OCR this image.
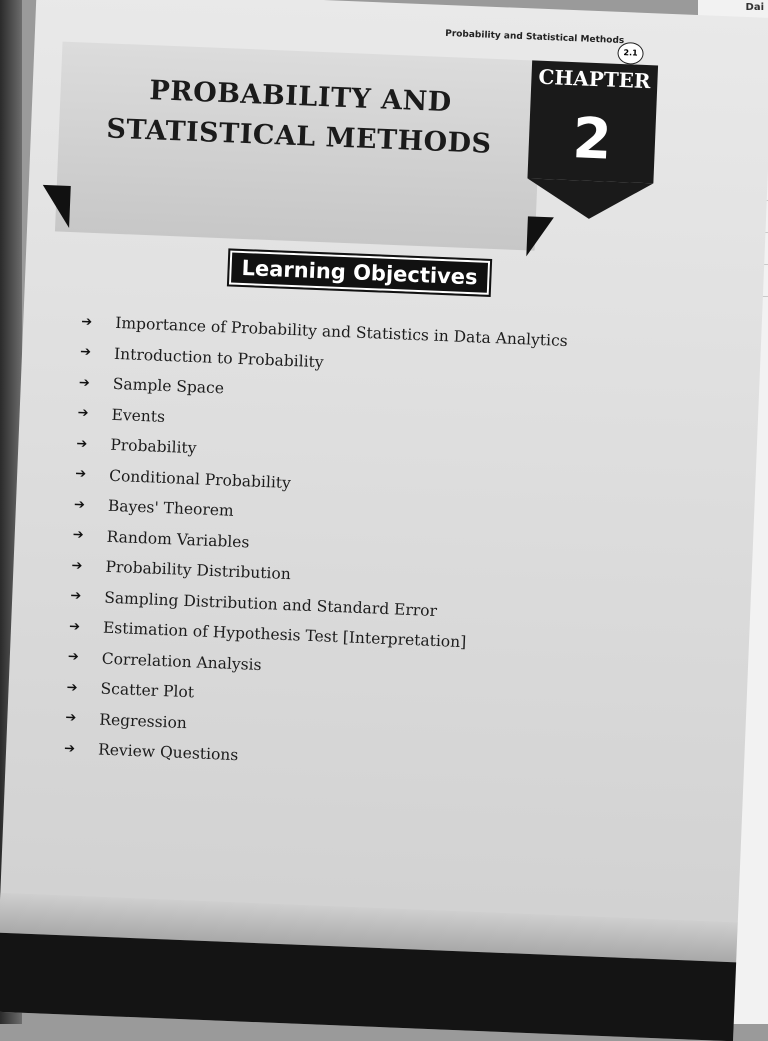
Dai
Probability and Statistical Methods
2.1
PROBABILITY AND
STATISTICAL METHODS
CHAPTER
2
Learning Objectives
➔	Importance of Probability and Statistics in Data Analytics
➔	Introduction to Probability
➔	Sample Space
➔	Events
➔	Probability
➔	Conditional Probability
➔	Bayes' Theorem
➔	Random Variables
➔	Probability Distribution
➔	Sampling Distribution and Standard Error
➔	Estimation of Hypothesis Test [Interpretation]
➔	Correlation Analysis
➔	Scatter Plot
➔	Regression
➔	Review Questions
